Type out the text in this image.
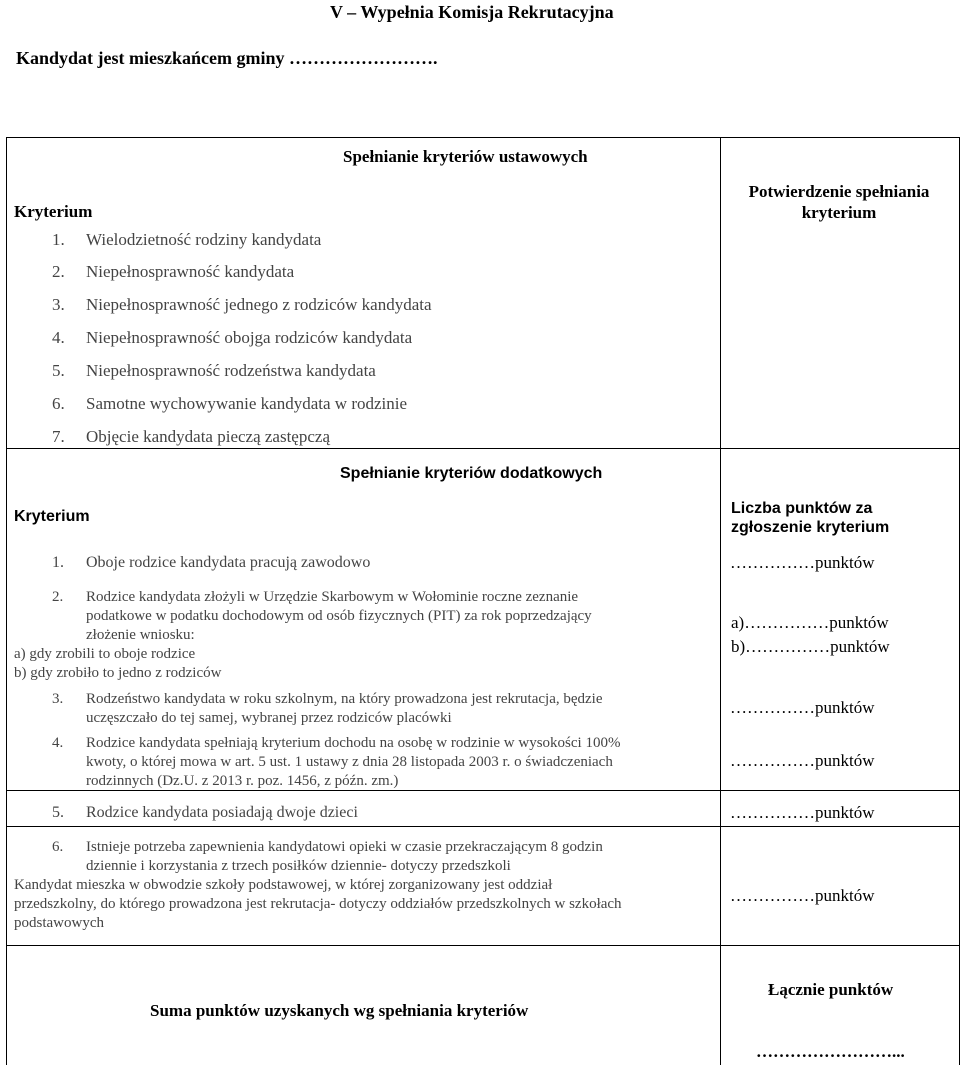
V – Wypełnia Komisja Rekrutacyjna
Kandydat jest mieszkańcem gminy …………………….
Spełnianie kryteriów ustawowych
Kryterium
Potwierdzenie spełniania kryterium
1. Wielodzietność rodziny kandydata
2. Niepełnosprawność kandydata
3. Niepełnosprawność jednego z rodziców kandydata
4. Niepełnosprawność obojga rodziców kandydata
5. Niepełnosprawność rodzeństwa kandydata
6. Samotne wychowywanie kandydata w rodzinie
7. Objęcie kandydata pieczą zastępczą
Spełnianie kryteriów dodatkowych
Kryterium	Liczba punktów za zgłoszenie kryterium
1. Oboje rodzice kandydata pracują zawodowo	……………punktów
2. Rodzice kandydata złożyli w Urzędzie Skarbowym w Wołominie roczne zeznanie
podatkowe w podatku dochodowym od osób fizycznych (PIT) za rok poprzedzający
złożenie wniosku:
a) gdy zrobili to oboje rodzice
b) gdy zrobiło to jedno z rodziców
a)……………punktów
b)……………punktów
3. Rodzeństwo kandydata w roku szkolnym, na który prowadzona jest rekrutacja, będzie
uczęszczało do tej samej, wybranej przez rodziców placówki
……………punktów
4. Rodzice kandydata spełniają kryterium dochodu na osobę w rodzinie w wysokości 100%
kwoty, o której mowa w art. 5 ust. 1 ustawy z dnia 28 listopada 2003 r. o świadczeniach
rodzinnych (Dz.U. z 2013 r. poz. 1456, z późn. zm.)
……………punktów
5. Rodzice kandydata posiadają dwoje dzieci	……………punktów
6. Istnieje potrzeba zapewnienia kandydatowi opieki w czasie przekraczającym 8 godzin
dziennie i korzystania z trzech posiłków dziennie- dotyczy przedszkoli
Kandydat mieszka w obwodzie szkoły podstawowej, w której zorganizowany jest oddział
przedszkolny, do którego prowadzona jest rekrutacja- dotyczy oddziałów przedszkolnych w szkołach
podstawowych
……………punktów
Suma punktów uzyskanych wg spełniania kryteriów
Łącznie punktów
……………………...
